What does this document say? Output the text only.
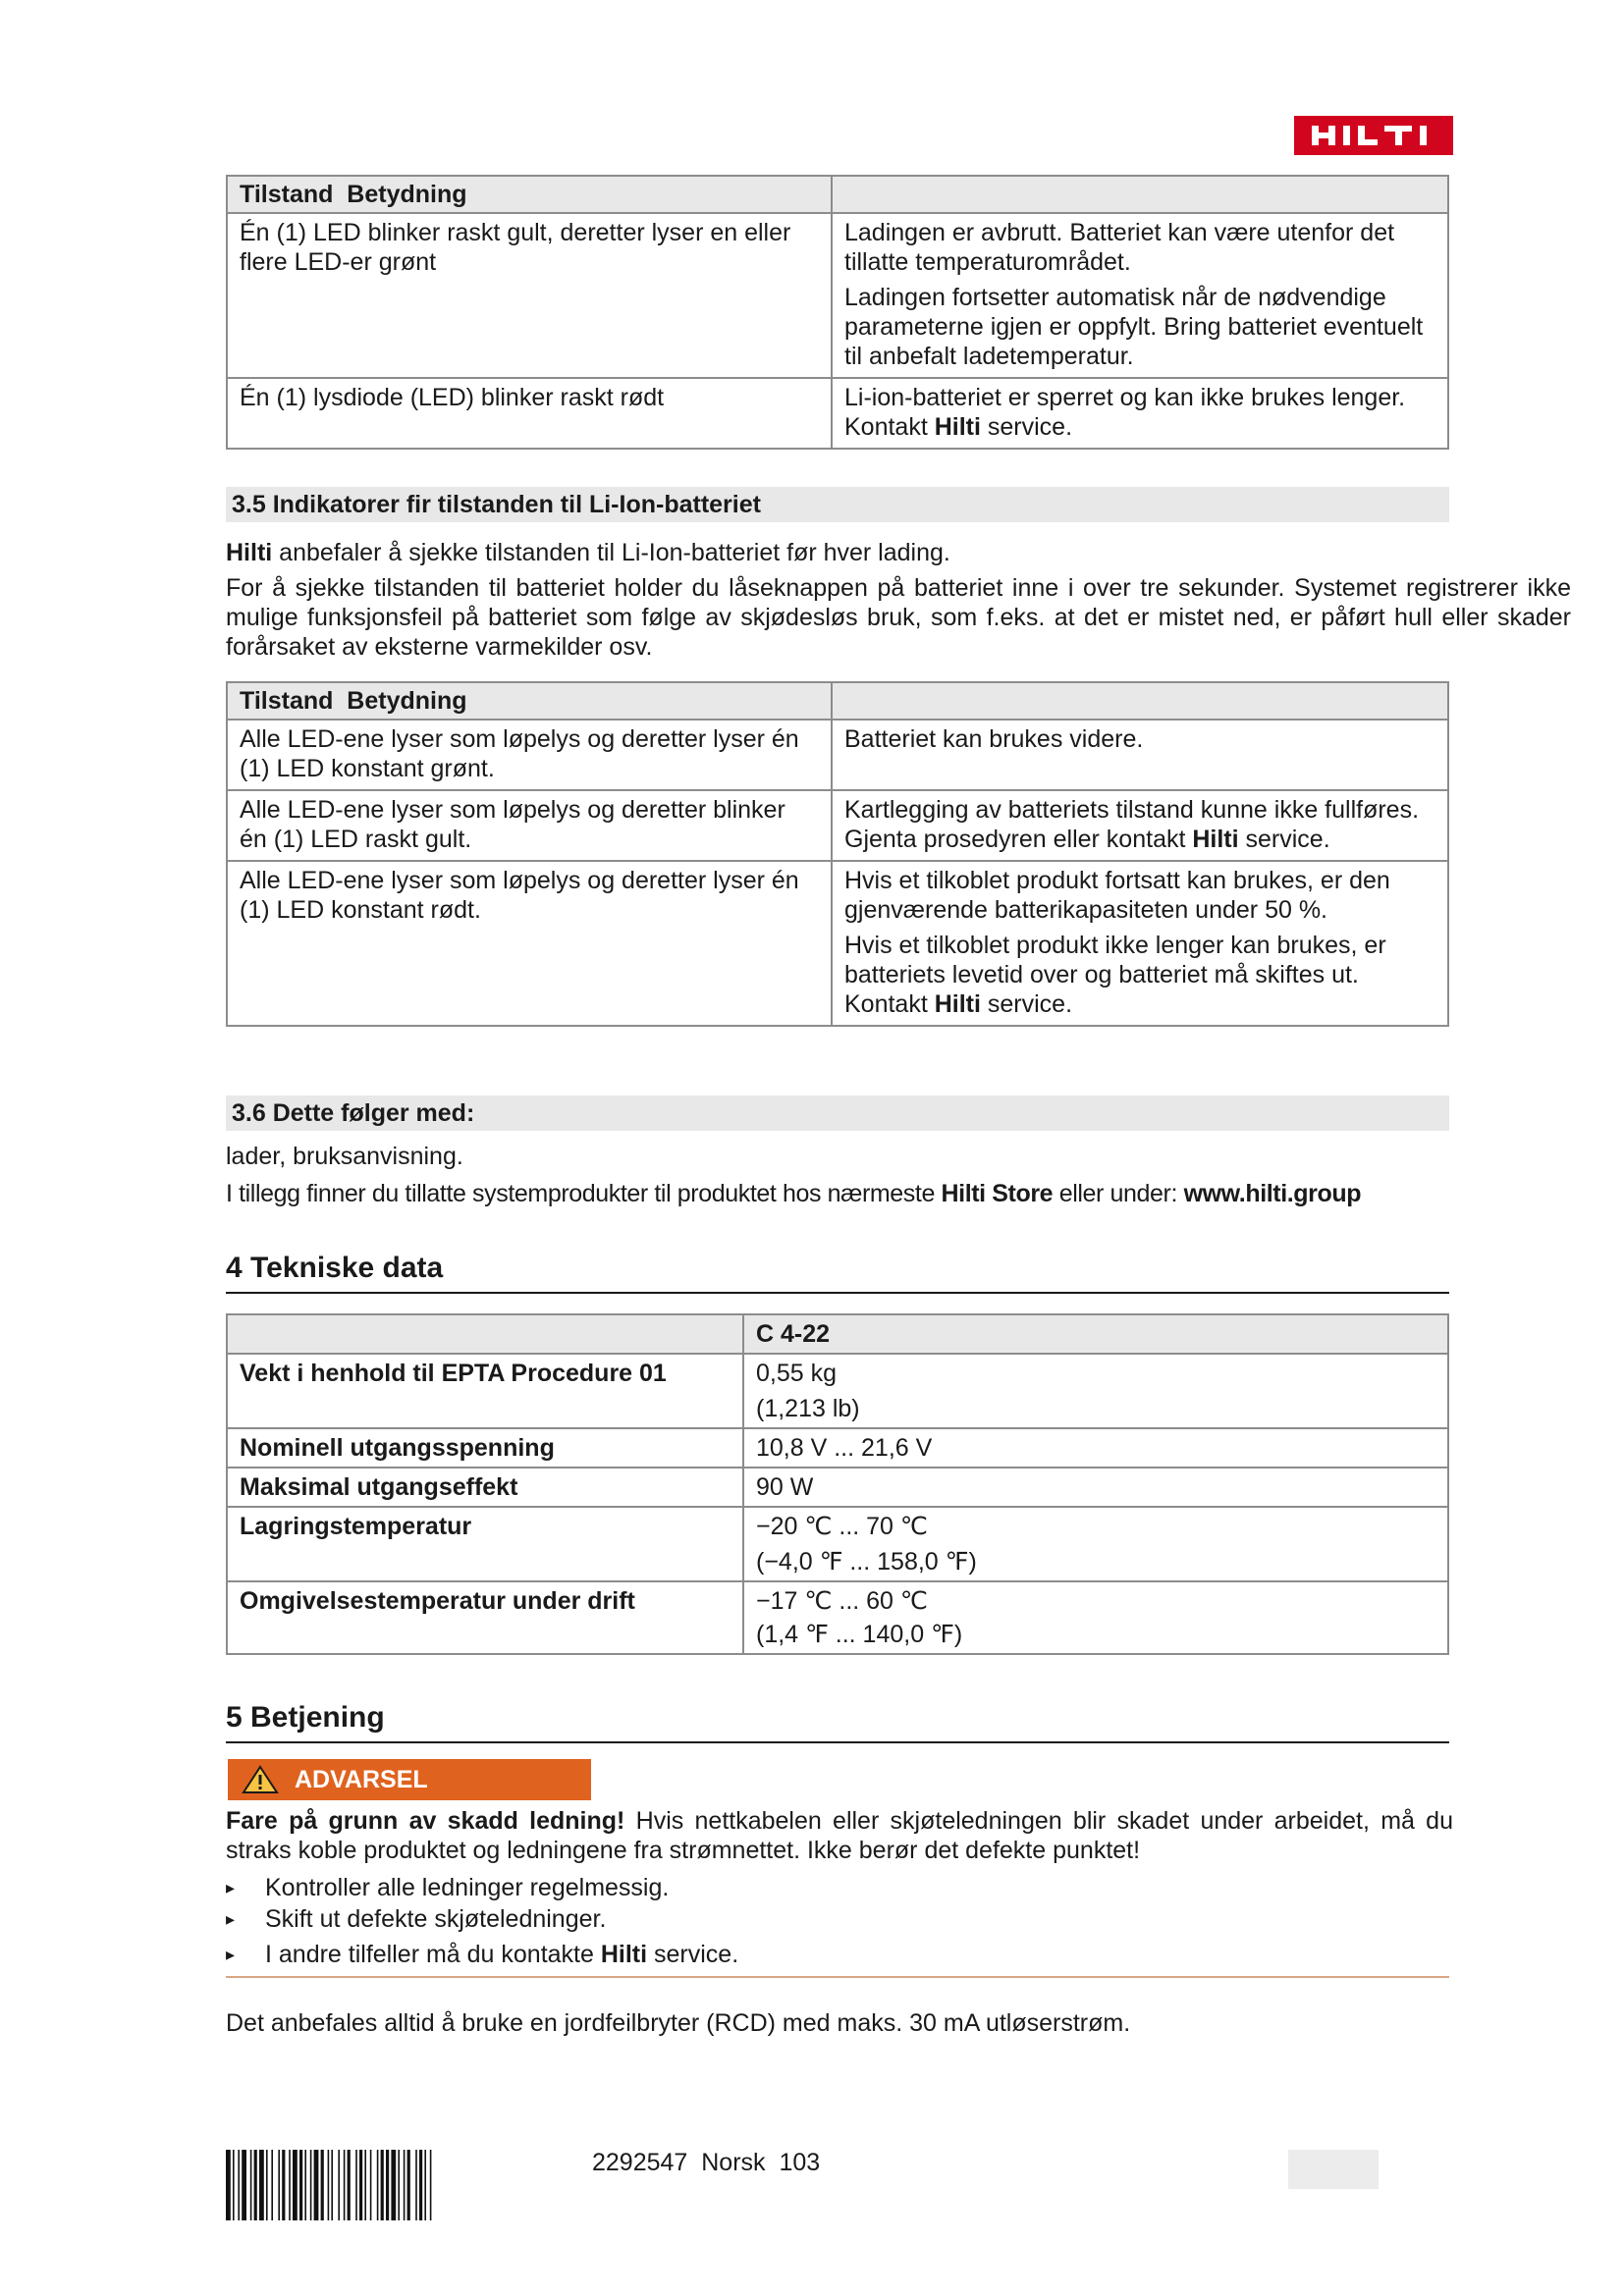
Tilstand Betydning	
Én (1) LED blinker raskt gult, deretter lyser en eller flere LED-er grønt	Ladingen er avbrutt. Batteriet kan være utenfor det tillatte temperaturområdet.
Ladingen fortsetter automatisk når de nødvendige parameterne igjen er oppfylt. Bring batteriet eventuelt til anbefalt ladetemperatur.

Én (1) lysdiode (LED) blinker raskt rødt	Li-ion-batteriet er sperret og kan ikke brukes lenger. Kontakt Hilti service.
3.5 Indikatorer fir tilstanden til Li-Ion-batteriet

Hilti anbefaler å sjekke tilstanden til Li-Ion-batteriet før hver lading.

For å sjekke tilstanden til batteriet holder du låseknappen på batteriet inne i over tre sekunder. Systemet registrerer ikke mulige funksjonsfeil på batteriet som følge av skjødesløs bruk, som f.eks. at det er mistet ned, er påført hull eller skader forårsaket av eksterne varmekilder osv.

Tilstand Betydning	
Alle LED-ene lyser som løpelys og deretter lyser én (1) LED konstant grønt.	Batteriet kan brukes videre.
Alle LED-ene lyser som løpelys og deretter blinker én (1) LED raskt gult.	Kartlegging av batteriets tilstand kunne ikke fullføres. Gjenta prosedyren eller kontakt Hilti service.
Alle LED-ene lyser som løpelys og deretter lyser én (1) LED konstant rødt.	Hvis et tilkoblet produkt fortsatt kan brukes, er den gjenværende batterikapasiteten under 50 %.
Hvis et tilkoblet produkt ikke lenger kan brukes, er batteriets levetid over og batteriet må skiftes ut.
Kontakt Hilti service.
3.6 Dette følger med:

lader, bruksanvisning.

I tillegg finner du tillatte systemprodukter til produktet hos nærmeste Hilti Store eller under: www.hilti.group

4 Tekniske data
	C 4-22
Vekt i henhold til EPTA Procedure 01	0,55 kg
(1,213 lb)

Nominell utgangsspenning	10,8 V ... 21,6 V
Maksimal utgangseffekt	90 W
Lagringstemperatur	−20 ℃ ... 70 ℃
(−4,0 ℉ ... 158,0 ℉)

Omgivelsestemperatur under drift	−17 ℃ ... 60 ℃
(1,4 ℉ ... 140,0 ℉)
5 Betjening
ADVARSEL

Fare på grunn av skadd ledning! Hvis nettkabelen eller skjøteledningen blir skadet under arbeidet, må du straks koble produktet og ledningene fra strømnettet. Ikke berør det defekte punktet!

▸	Kontroller alle ledninger regelmessig.
▸	Skift ut defekte skjøteledninger.
▸	I andre tilfeller må du kontakte Hilti service.

Det anbefales alltid å bruke en jordfeilbryter (RCD) med maks. 30 mA utløserstrøm.

2292547 Norsk 103
